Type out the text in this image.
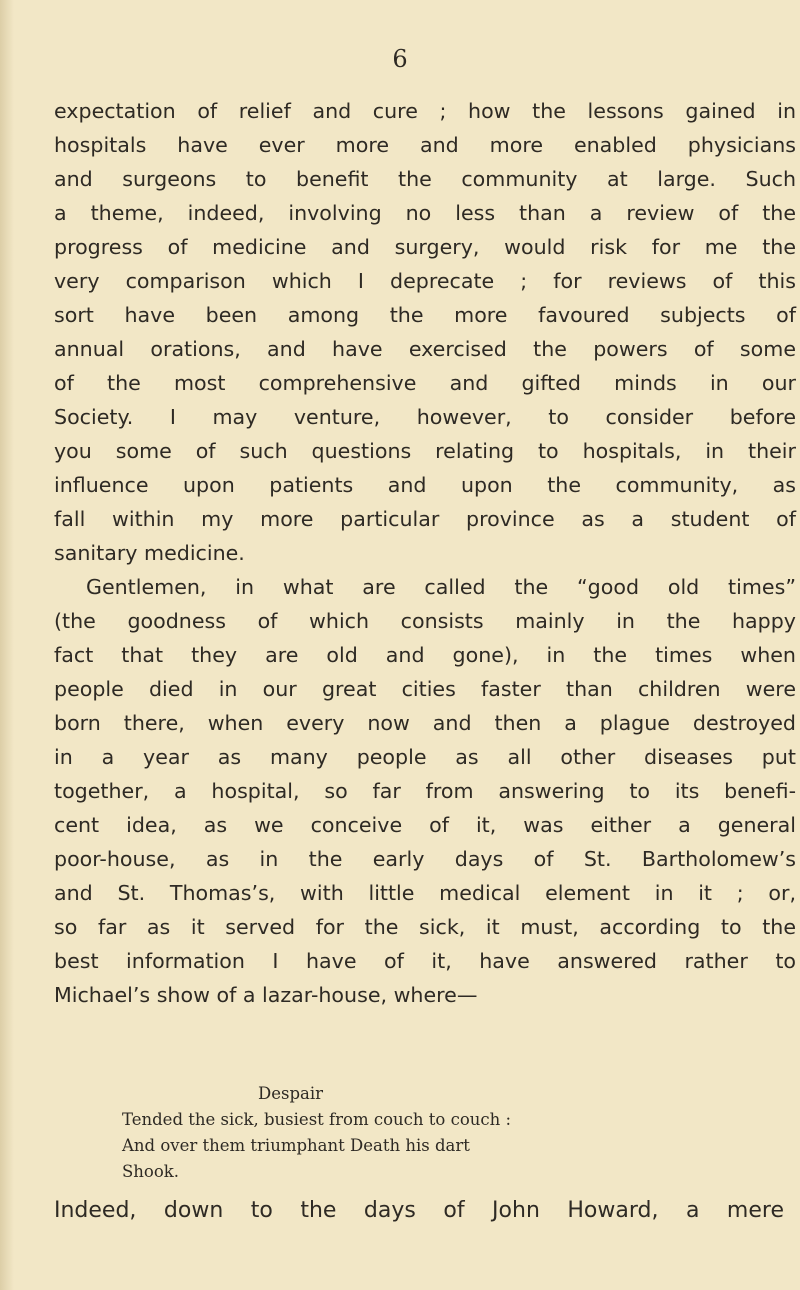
6
expectation of relief and cure ; how the lessons gained in
hospitals have ever more and more enabled physicians
and surgeons to benefit the community at large. Such
a theme, indeed, involving no less than a review of the
progress of medicine and surgery, would risk for me the
very comparison which I deprecate ; for reviews of this
sort have been among the more favoured subjects of
annual orations, and have exercised the powers of some
of the most comprehensive and gifted minds in our
Society. I may venture, however, to consider before
you some of such questions relating to hospitals, in their
influence upon patients and upon the community, as
fall within my more particular province as a student of
sanitary medicine.
Gentlemen, in what are called the “good old times”
(the goodness of which consists mainly in the happy
fact that they are old and gone), in the times when
people died in our great cities faster than children were
born there, when every now and then a plague destroyed
in a year as many people as all other diseases put
together, a hospital, so far from answering to its benefi-
cent idea, as we conceive of it, was either a general
poor-house, as in the early days of St. Bartholomew’s
and St. Thomas’s, with little medical element in it ; or,
so far as it served for the sick, it must, according to the
best information I have of it, have answered rather to
Michael’s show of a lazar-house, where—
Despair
Tended the sick, busiest from couch to couch :
And over them triumphant Death his dart
Shook.
Indeed, down to the days of John Howard, a mere
